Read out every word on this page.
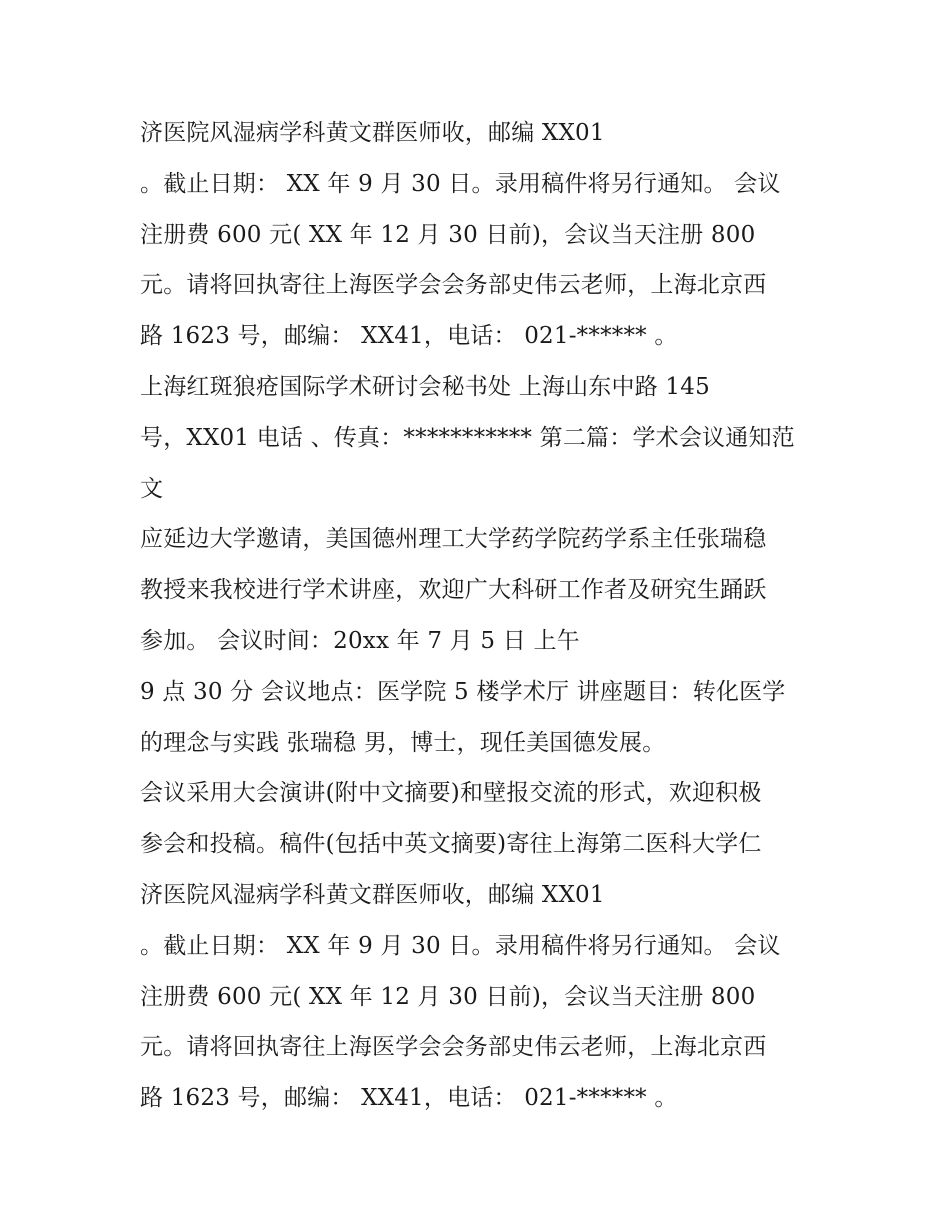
济医院风湿病学科黄文群医师收，邮编 XX01
。截止日期： XX 年 9 月 30 日。录用稿件将另行通知。 会议
注册费 600 元( XX 年 12 月 30 日前)，会议当天注册 800
元。请将回执寄往上海医学会会务部史伟云老师，上海北京西
路 1623 号，邮编： XX41，电话： 021-****** 。
上海红斑狼疮国际学术研讨会秘书处 上海山东中路 145
号，XX01 电话 、传真：*********** 第二篇：学术会议通知范
文
应延边大学邀请，美国德州理工大学药学院药学系主任张瑞稳
教授来我校进行学术讲座，欢迎广大科研工作者及研究生踊跃
参加。 会议时间：20xx 年 7 月 5 日 上午
9 点 30 分 会议地点：医学院 5 楼学术厅 讲座题目：转化医学
的理念与实践 张瑞稳 男，博士，现任美国德发展。
会议采用大会演讲(附中文摘要)和壁报交流的形式，欢迎积极
参会和投稿。稿件(包括中英文摘要)寄往上海第二医科大学仁
济医院风湿病学科黄文群医师收，邮编 XX01
。截止日期： XX 年 9 月 30 日。录用稿件将另行通知。 会议
注册费 600 元( XX 年 12 月 30 日前)，会议当天注册 800
元。请将回执寄往上海医学会会务部史伟云老师，上海北京西
路 1623 号，邮编： XX41，电话： 021-****** 。
